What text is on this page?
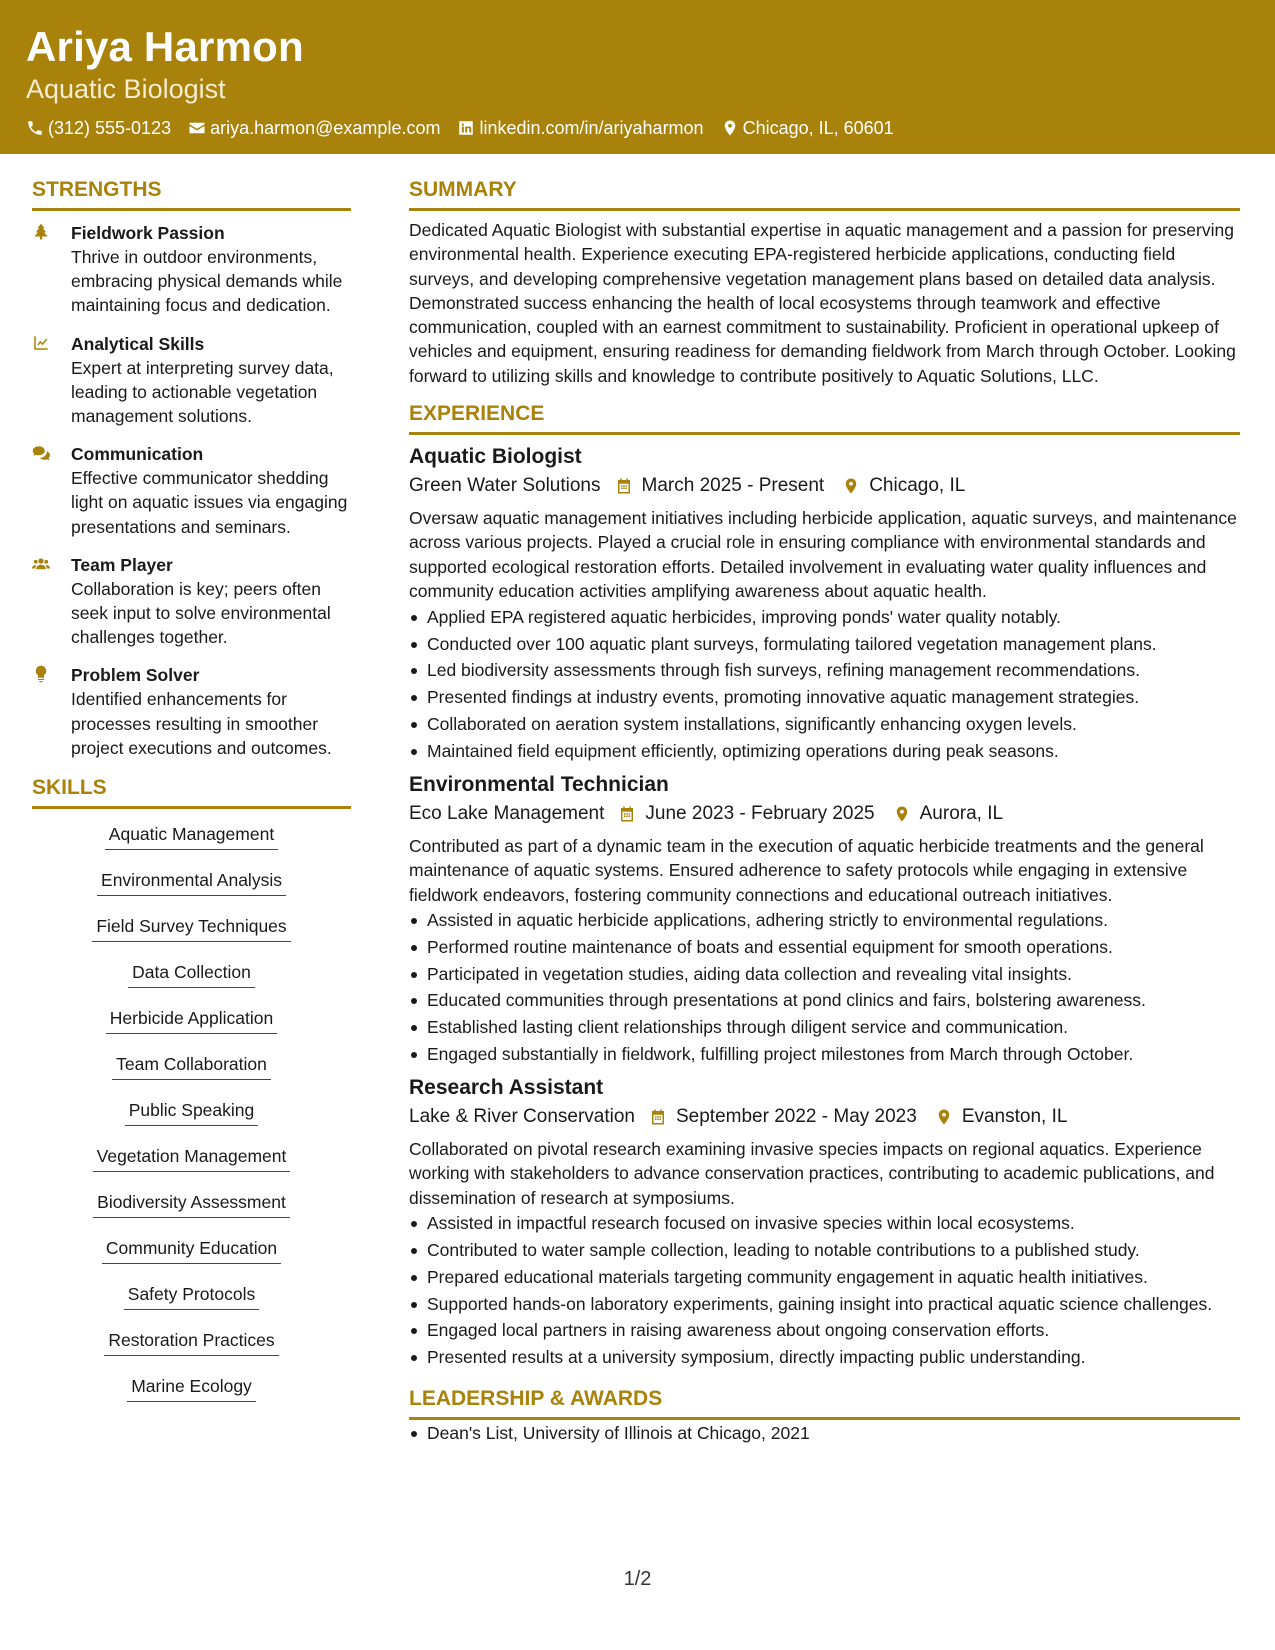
Ariya Harmon
Aquatic Biologist
(312) 555-0123 ariya.harmon@example.com linkedin.com/in/ariyaharmon Chicago, IL, 60601
STRENGTHS
Fieldwork Passion
Thrive in outdoor environments, embracing physical demands while maintaining focus and dedication.
Analytical Skills
Expert at interpreting survey data, leading to actionable vegetation management solutions.
Communication
Effective communicator shedding light on aquatic issues via engaging presentations and seminars.
Team Player
Collaboration is key; peers often seek input to solve environmental challenges together.
Problem Solver
Identified enhancements for processes resulting in smoother project executions and outcomes.
SKILLS
Aquatic Management
Environmental Analysis
Field Survey Techniques
Data Collection
Herbicide Application
Team Collaboration
Public Speaking
Vegetation Management
Biodiversity Assessment
Community Education
Safety Protocols
Restoration Practices
Marine Ecology
SUMMARY
Dedicated Aquatic Biologist with substantial expertise in aquatic management and a passion for preserving environmental health. Experience executing EPA-registered herbicide applications, conducting field surveys, and developing comprehensive vegetation management plans based on detailed data analysis. Demonstrated success enhancing the health of local ecosystems through teamwork and effective communication, coupled with an earnest commitment to sustainability. Proficient in operational upkeep of vehicles and equipment, ensuring readiness for demanding fieldwork from March through October. Looking forward to utilizing skills and knowledge to contribute positively to Aquatic Solutions, LLC.
EXPERIENCE
Aquatic Biologist
Green Water Solutions March 2025 - Present Chicago, IL
Oversaw aquatic management initiatives including herbicide application, aquatic surveys, and maintenance across various projects. Played a crucial role in ensuring compliance with environmental standards and supported ecological restoration efforts. Detailed involvement in evaluating water quality influences and community education activities amplifying awareness about aquatic health.
Applied EPA registered aquatic herbicides, improving ponds' water quality notably.
Conducted over 100 aquatic plant surveys, formulating tailored vegetation management plans.
Led biodiversity assessments through fish surveys, refining management recommendations.
Presented findings at industry events, promoting innovative aquatic management strategies.
Collaborated on aeration system installations, significantly enhancing oxygen levels.
Maintained field equipment efficiently, optimizing operations during peak seasons.
Environmental Technician
Eco Lake Management June 2023 - February 2025 Aurora, IL
Contributed as part of a dynamic team in the execution of aquatic herbicide treatments and the general maintenance of aquatic systems. Ensured adherence to safety protocols while engaging in extensive fieldwork endeavors, fostering community connections and educational outreach initiatives.
Assisted in aquatic herbicide applications, adhering strictly to environmental regulations.
Performed routine maintenance of boats and essential equipment for smooth operations.
Participated in vegetation studies, aiding data collection and revealing vital insights.
Educated communities through presentations at pond clinics and fairs, bolstering awareness.
Established lasting client relationships through diligent service and communication.
Engaged substantially in fieldwork, fulfilling project milestones from March through October.
Research Assistant
Lake & River Conservation September 2022 - May 2023 Evanston, IL
Collaborated on pivotal research examining invasive species impacts on regional aquatics. Experience working with stakeholders to advance conservation practices, contributing to academic publications, and dissemination of research at symposiums.
Assisted in impactful research focused on invasive species within local ecosystems.
Contributed to water sample collection, leading to notable contributions to a published study.
Prepared educational materials targeting community engagement in aquatic health initiatives.
Supported hands-on laboratory experiments, gaining insight into practical aquatic science challenges.
Engaged local partners in raising awareness about ongoing conservation efforts.
Presented results at a university symposium, directly impacting public understanding.
LEADERSHIP & AWARDS
Dean's List, University of Illinois at Chicago, 2021
1/2
